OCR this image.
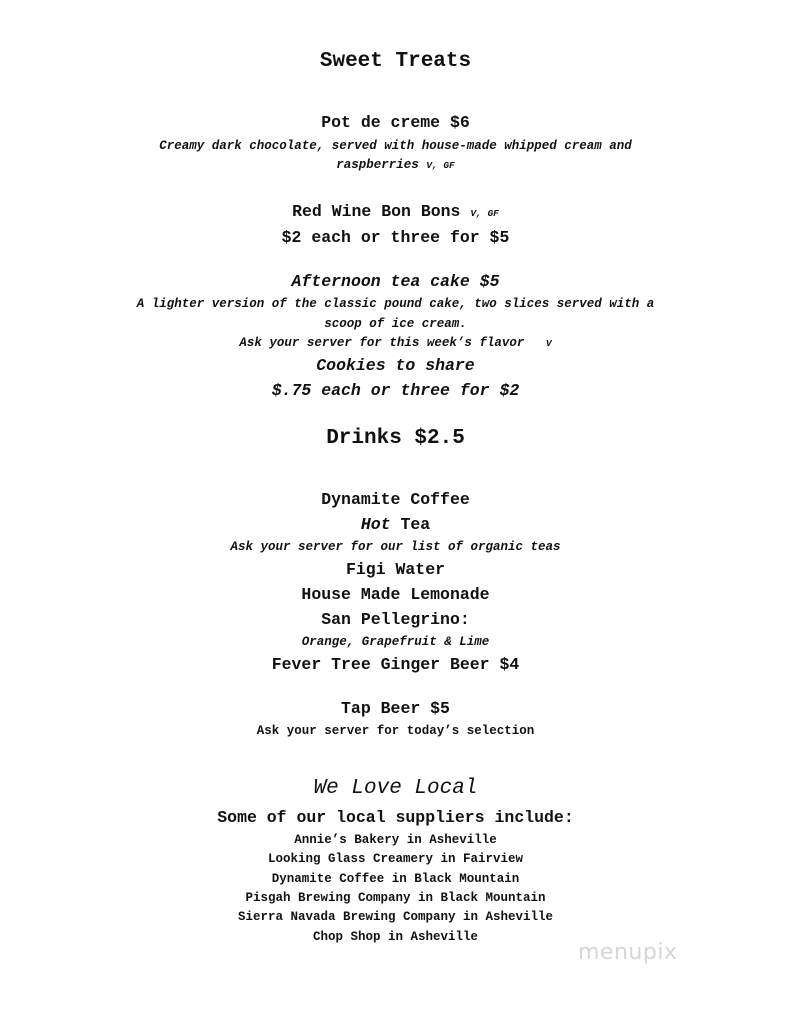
Sweet Treats
Pot de creme $6
Creamy dark chocolate, served with house-made whipped cream and
raspberries V, GF
Red Wine Bon Bons V, GF
$2 each or three for $5
Afternoon tea cake $5
A lighter version of the classic pound cake, two slices served with a
scoop of ice cream.
Ask your server for this week’s flavor V
Cookies to share
$.75 each or three for $2
Drinks $2.5
Dynamite Coffee
Hot Tea
Ask your server for our list of organic teas
Figi Water
House Made Lemonade
San Pellegrino:
Orange, Grapefruit & Lime
Fever Tree Ginger Beer $4
Tap Beer $5
Ask your server for today’s selection
We Love Local
Some of our local suppliers include:
Annie’s Bakery in Asheville
Looking Glass Creamery in Fairview
Dynamite Coffee in Black Mountain
Pisgah Brewing Company in Black Mountain
Sierra Navada Brewing Company in Asheville
Chop Shop in Asheville
menupix
